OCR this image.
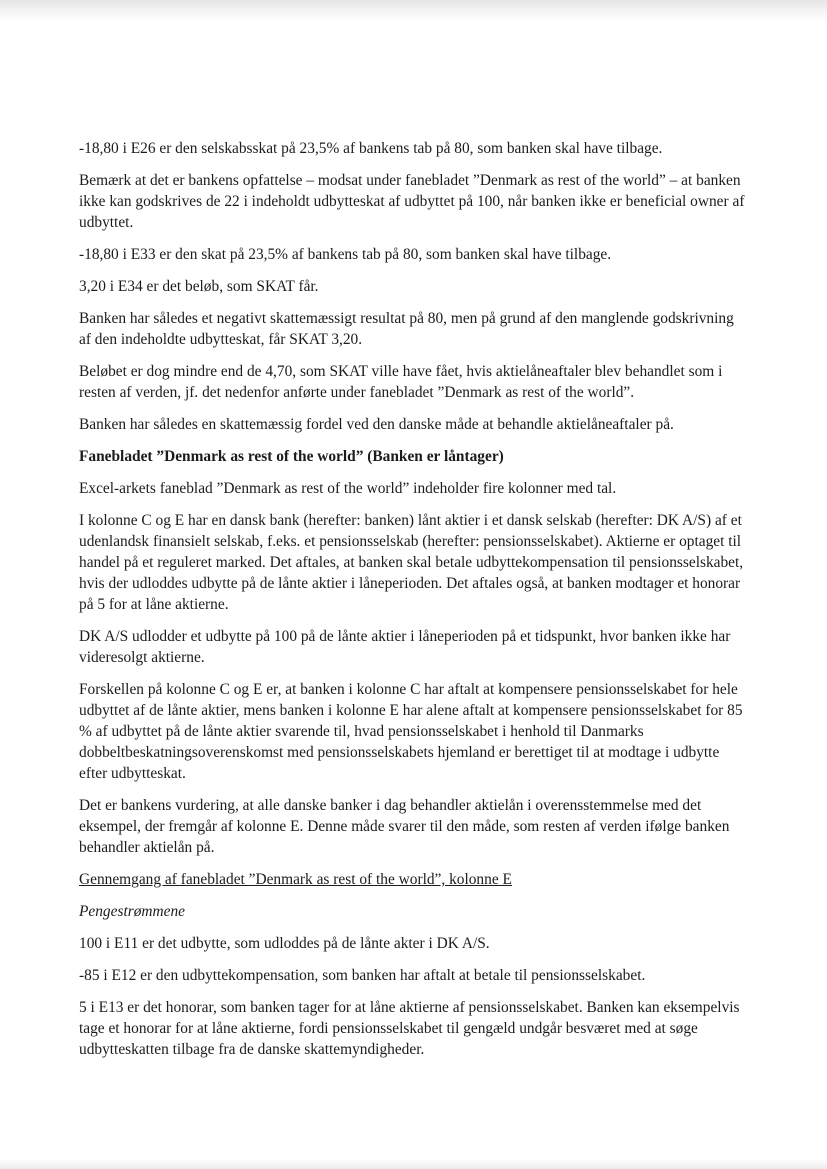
-18,80 i E26 er den selskabsskat på 23,5% af bankens tab på 80, som banken skal have tilbage.

Bemærk at det er bankens opfattelse – modsat under fanebladet ”Denmark as rest of the world” – at banken ikke kan godskrives de 22 i indeholdt udbytteskat af udbyttet på 100, når banken ikke er beneficial owner af udbyttet.

-18,80 i E33 er den skat på 23,5% af bankens tab på 80, som banken skal have tilbage.

3,20 i E34 er det beløb, som SKAT får.

Banken har således et negativt skattemæssigt resultat på 80, men på grund af den manglende godskrivning af den indeholdte udbytteskat, får SKAT 3,20.

Beløbet er dog mindre end de 4,70, som SKAT ville have fået, hvis aktielåneaftaler blev behandlet som i resten af verden, jf. det nedenfor anførte under fanebladet ”Denmark as rest of the world”.

Banken har således en skattemæssig fordel ved den danske måde at behandle aktielåneaftaler på.

Fanebladet ”Denmark as rest of the world” (Banken er låntager)

Excel-arkets faneblad ”Denmark as rest of the world” indeholder fire kolonner med tal.

I kolonne C og E har en dansk bank (herefter: banken) lånt aktier i et dansk selskab (herefter: DK A/S) af et udenlandsk finansielt selskab, f.eks. et pensionsselskab (herefter: pensionsselskabet). Aktierne er optaget til handel på et reguleret marked. Det aftales, at banken skal betale udbyttekompensation til pensionsselskabet, hvis der udloddes udbytte på de lånte aktier i låneperioden. Det aftales også, at banken modtager et honorar på 5 for at låne aktierne.

DK A/S udlodder et udbytte på 100 på de lånte aktier i låneperioden på et tidspunkt, hvor banken ikke har videresolgt aktierne.

Forskellen på kolonne C og E er, at banken i kolonne C har aftalt at kompensere pensionsselskabet for hele udbyttet af de lånte aktier, mens banken i kolonne E har alene aftalt at kompensere pensionsselskabet for 85 % af udbyttet på de lånte aktier svarende til, hvad pensionsselskabet i henhold til Danmarks dobbeltbeskatningsoverenskomst med pensionsselskabets hjemland er berettiget til at modtage i udbytte efter udbytteskat.

Det er bankens vurdering, at alle danske banker i dag behandler aktielån i overensstemmelse med det eksempel, der fremgår af kolonne E. Denne måde svarer til den måde, som resten af verden ifølge banken behandler aktielån på.

Gennemgang af fanebladet ”Denmark as rest of the world”, kolonne E

Pengestrømmene

100 i E11 er det udbytte, som udloddes på de lånte akter i DK A/S.

-85 i E12 er den udbyttekompensation, som banken har aftalt at betale til pensionsselskabet.

5 i E13 er det honorar, som banken tager for at låne aktierne af pensionsselskabet. Banken kan eksempelvis tage et honorar for at låne aktierne, fordi pensionsselskabet til gengæld undgår besværet med at søge udbytteskatten tilbage fra de danske skattemyndigheder.
